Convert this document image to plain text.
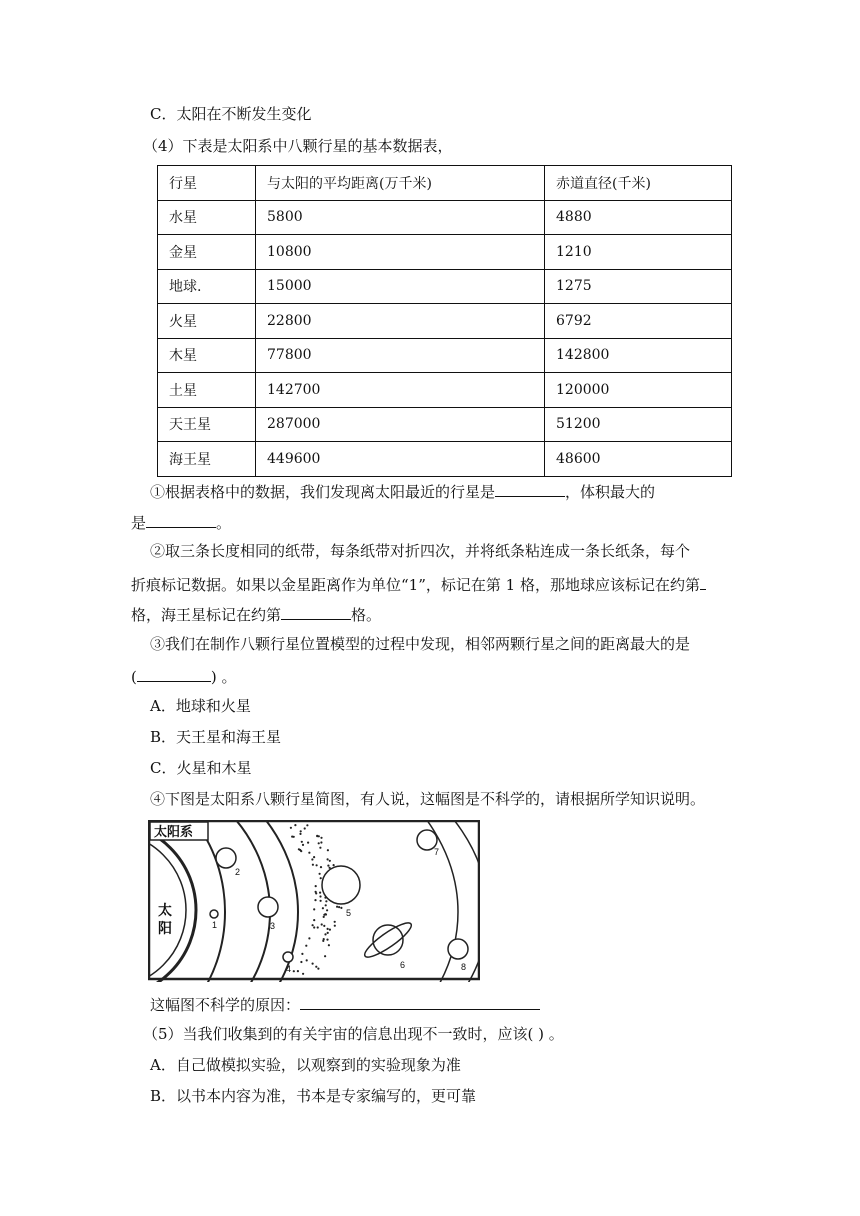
C．太阳在不断发生变化
（4）下表是太阳系中八颗行星的基本数据表，
行星	与太阳的平均距离(万千米)	赤道直径(千米)
水星	5800	4880
金星	10800	1210
地球.	15000	1275
火星	22800	6792
木星	77800	142800
土星	142700	120000
天王星	287000	51200
海王星	449600	48600
①根据表格中的数据，我们发现离太阳最近的行星是	，体积最大的
是	。
②取三条长度相同的纸带，每条纸带对折四次，并将纸条粘连成一条长纸条，每个
折痕标记数据。如果以金星距离作为单位“1”，标记在第 1 格，那地球应该标记在约第
格，海王星标记在约第	格。
③我们在制作八颗行星位置模型的过程中发现，相邻两颗行星之间的距离最大的是
(	) 。
A．地球和火星
B．天王星和海王星
C．火星和木星
④下图是太阳系八颗行星简图，有人说，这幅图是不科学的，请根据所学知识说明。
太阳系
太
阳	1
2
3
4
5
6
7
8
这幅图不科学的原因：
（5）当我们收集到的有关宇宙的信息出现不一致时，应该( ) 。
A．自己做模拟实验，以观察到的实验现象为准
B．以书本内容为准，书本是专家编写的，更可靠
